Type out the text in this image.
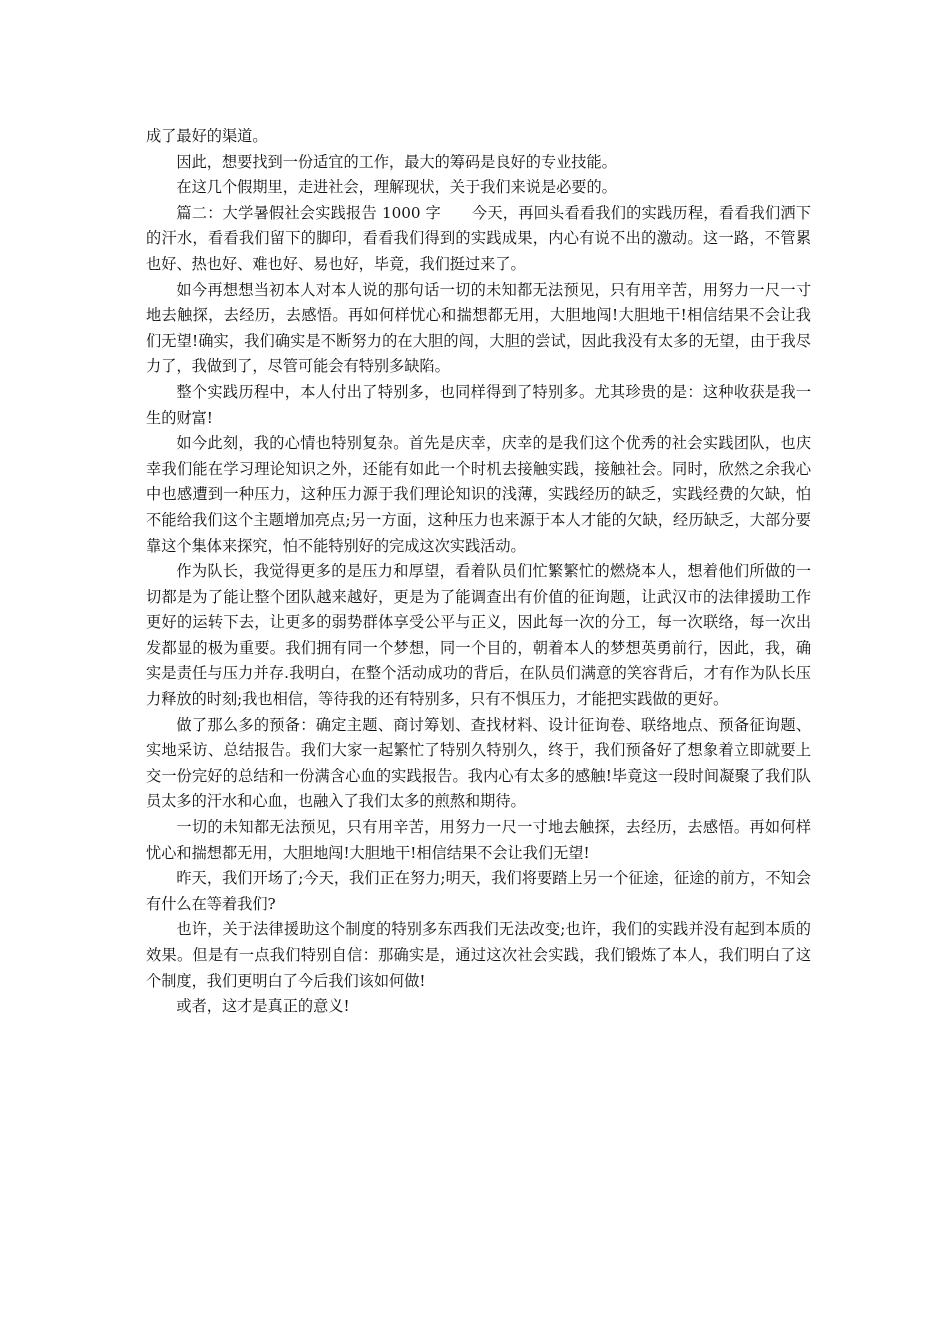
成了最好的渠道。

因此，想要找到一份适宜的工作，最大的筹码是良好的专业技能。

在这几个假期里，走进社会，理解现状，关于我们来说是必要的。

篇二：大学暑假社会实践报告 1000 字　　今天，再回头看看我们的实践历程，看看我们洒下的汗水，看看我们留下的脚印，看看我们得到的实践成果，内心有说不出的激动。这一路，不管累也好、热也好、难也好、易也好，毕竟，我们挺过来了。

如今再想想当初本人对本人说的那句话一切的未知都无法预见，只有用辛苦，用努力一尺一寸地去触探，去经历，去感悟。再如何样忧心和揣想都无用，大胆地闯!大胆地干!相信结果不会让我们无望!确实，我们确实是不断努力的在大胆的闯，大胆的尝试，因此我没有太多的无望，由于我尽力了，我做到了，尽管可能会有特别多缺陷。

整个实践历程中，本人付出了特别多，也同样得到了特别多。尤其珍贵的是：这种收获是我一生的财富!

如今此刻，我的心情也特别复杂。首先是庆幸，庆幸的是我们这个优秀的社会实践团队，也庆幸我们能在学习理论知识之外，还能有如此一个时机去接触实践，接触社会。同时，欣然之余我心中也感遭到一种压力，这种压力源于我们理论知识的浅薄，实践经历的缺乏，实践经费的欠缺，怕不能给我们这个主题增加亮点;另一方面，这种压力也来源于本人才能的欠缺，经历缺乏，大部分要靠这个集体来探究，怕不能特别好的完成这次实践活动。

作为队长，我觉得更多的是压力和厚望，看着队员们忙繁繁忙的燃烧本人，想着他们所做的一切都是为了能让整个团队越来越好，更是为了能调查出有价值的征询题，让武汉市的法律援助工作更好的运转下去，让更多的弱势群体享受公平与正义，因此每一次的分工，每一次联络，每一次出发都显的极为重要。我们拥有同一个梦想，同一个目的，朝着本人的梦想英勇前行，因此，我，确实是责任与压力并存.我明白，在整个活动成功的背后，在队员们满意的笑容背后，才有作为队长压力释放的时刻;我也相信，等待我的还有特别多，只有不惧压力，才能把实践做的更好。

做了那么多的预备：确定主题、商讨筹划、查找材料、设计征询卷、联络地点、预备征询题、实地采访、总结报告。我们大家一起繁忙了特别久特别久，终于，我们预备好了想象着立即就要上交一份完好的总结和一份满含心血的实践报告。我内心有太多的感触!毕竟这一段时间凝聚了我们队员太多的汗水和心血，也融入了我们太多的煎熬和期待。

一切的未知都无法预见，只有用辛苦，用努力一尺一寸地去触探，去经历，去感悟。再如何样忧心和揣想都无用，大胆地闯!大胆地干!相信结果不会让我们无望!

昨天，我们开场了;今天，我们正在努力;明天，我们将要踏上另一个征途，征途的前方，不知会有什么在等着我们?

也许，关于法律援助这个制度的特别多东西我们无法改变;也许，我们的实践并没有起到本质的效果。但是有一点我们特别自信：那确实是，通过这次社会实践，我们锻炼了本人，我们明白了这个制度，我们更明白了今后我们该如何做!

或者，这才是真正的意义!
